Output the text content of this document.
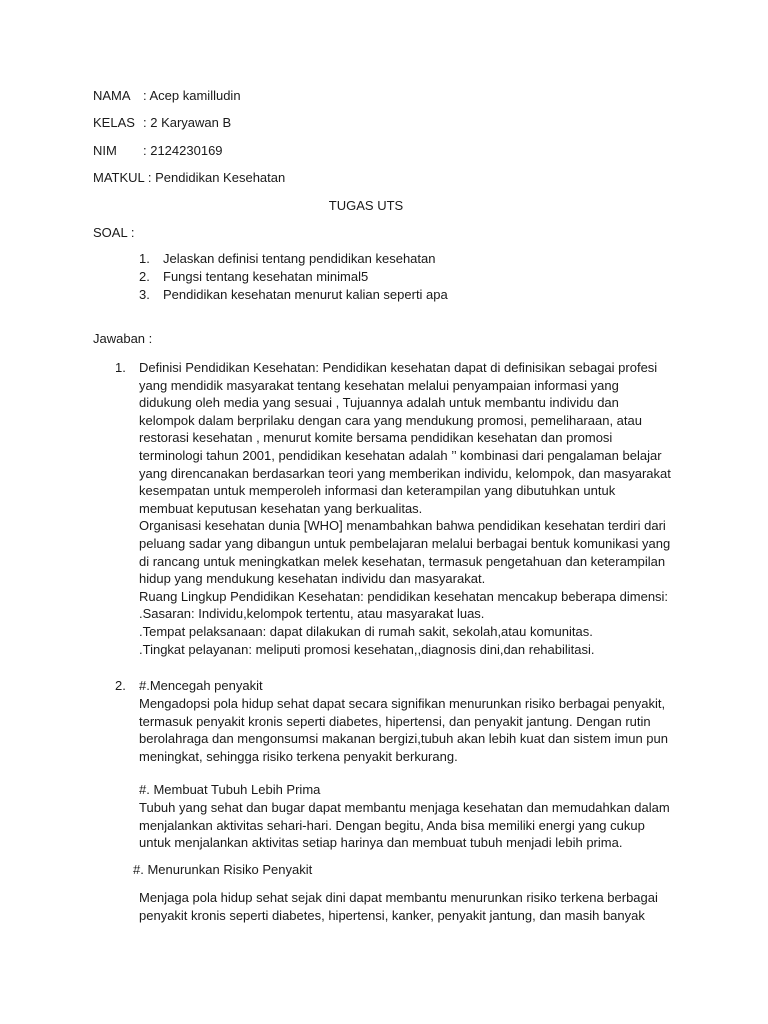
NAMA : Acep kamilludin
KELAS : 2 Karyawan B
NIM : 2124230169
MATKUL : Pendidikan Kesehatan
TUGAS UTS
SOAL :
1. Jelaskan definisi tentang pendidikan kesehatan
2. Fungsi tentang kesehatan minimal5
3. Pendidikan kesehatan menurut kalian seperti apa
Jawaban :
1. Definisi Pendidikan Kesehatan: Pendidikan kesehatan dapat di definisikan sebagai profesi

yang mendidik masyarakat tentang kesehatan melalui penyampaian informasi yang

didukung oleh media yang sesuai , Tujuannya adalah untuk membantu individu dan

kelompok dalam berprilaku dengan cara yang mendukung promosi, pemeliharaan, atau

restorasi kesehatan , menurut komite bersama pendidikan kesehatan dan promosi

terminologi tahun 2001, pendidikan kesehatan adalah ’’ kombinasi dari pengalaman belajar

yang direncanakan berdasarkan teori yang memberikan individu, kelompok, dan masyarakat

kesempatan untuk memperoleh informasi dan keterampilan yang dibutuhkan untuk

membuat keputusan kesehatan yang berkualitas.

Organisasi kesehatan dunia [WHO] menambahkan bahwa pendidikan kesehatan terdiri dari

peluang sadar yang dibangun untuk pembelajaran melalui berbagai bentuk komunikasi yang

di rancang untuk meningkatkan melek kesehatan, termasuk pengetahuan dan keterampilan

hidup yang mendukung kesehatan individu dan masyarakat.

Ruang Lingkup Pendidikan Kesehatan: pendidikan kesehatan mencakup beberapa dimensi:

.Sasaran: Individu,kelompok tertentu, atau masyarakat luas.

.Tempat pelaksanaan: dapat dilakukan di rumah sakit, sekolah,atau komunitas.

.Tingkat pelayanan: meliputi promosi kesehatan,,diagnosis dini,dan rehabilitasi.

2. #.Mencegah penyakit

Mengadopsi pola hidup sehat dapat secara signifikan menurunkan risiko berbagai penyakit,

termasuk penyakit kronis seperti diabetes, hipertensi, dan penyakit jantung. Dengan rutin

berolahraga dan mengonsumsi makanan bergizi,tubuh akan lebih kuat dan sistem imun pun

meningkat, sehingga risiko terkena penyakit berkurang.

#. Membuat Tubuh Lebih Prima

Tubuh yang sehat dan bugar dapat membantu menjaga kesehatan dan memudahkan dalam

menjalankan aktivitas sehari-hari. Dengan begitu, Anda bisa memiliki energi yang cukup

untuk menjalankan aktivitas setiap harinya dan membuat tubuh menjadi lebih prima.

#. Menurunkan Risiko Penyakit

Menjaga pola hidup sehat sejak dini dapat membantu menurunkan risiko terkena berbagai

penyakit kronis seperti diabetes, hipertensi, kanker, penyakit jantung, dan masih banyak
